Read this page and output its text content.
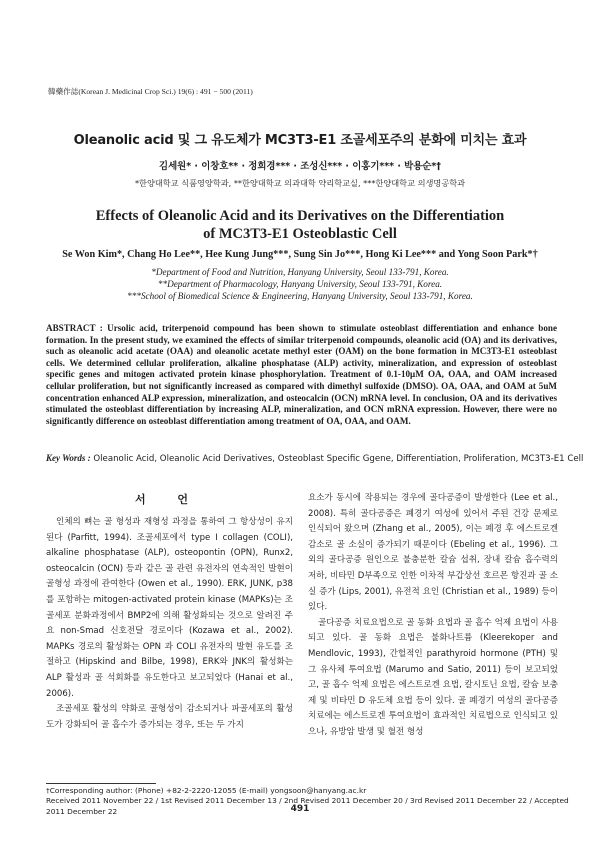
韓藥作誌(Korean J. Medicinal Crop Sci.) 19(6) : 491 − 500 (2011)
Oleanolic acid 및 그 유도체가 MC3T3-E1 조골세포주의 분화에 미치는 효과
김세원* · 이창호** · 정희경*** · 조성신*** · 이홍기*** · 박용순*†
*한양대학교 식품영양학과, **한양대학교 의과대학 약리학교실, ***한양대학교 의생명공학과
Effects of Oleanolic Acid and its Derivatives on the Differentiation
of MC3T3-E1 Osteoblastic Cell
Se Won Kim*, Chang Ho Lee**, Hee Kung Jung***, Sung Sin Jo***, Hong Ki Lee*** and Yong Soon Park*†
*Department of Food and Nutrition, Hanyang University, Seoul 133-791, Korea.
**Department of Pharmacology, Hanyang University, Seoul 133-791, Korea.
***School of Biomedical Science & Engineering, Hanyang University, Seoul 133-791, Korea.
ABSTRACT : Ursolic acid, triterpenoid compound has been shown to stimulate osteoblast differentiation and enhance bone formation. In the present study, we examined the effects of similar triterpenoid compounds, oleanolic acid (OA) and its derivatives, such as oleanolic acid acetate (OAA) and oleanolic acetate methyl ester (OAM) on the bone formation in MC3T3-E1 osteoblast cells. We determined cellular proliferation, alkaline phosphatase (ALP) activity, mineralization, and expression of osteoblast specific genes and mitogen activated protein kinase phosphorylation. Treatment of 0.1-10μM OA, OAA, and OAM increased cellular proliferation, but not significantly increased as compared with dimethyl sulfoxide (DMSO). OA, OAA, and OAM at 5uM concentration enhanced ALP expression, mineralization, and osteocalcin (OCN) mRNA level. In conclusion, OA and its derivatives stimulated the osteoblast differentiation by increasing ALP, mineralization, and OCN mRNA expression. However, there were no significantly difference on osteoblast differentiation among treatment of OA, OAA, and OAM.
Key Words : Oleanolic Acid, Oleanolic Acid Derivatives, Osteoblast Specific Ggene, Differentiation, Proliferation, MC3T3-E1 Cell
서 언

인체의 뼈는 골 형성과 재형성 과정을 통하여 그 항상성이 유지된다 (Parfitt, 1994). 조골세포에서 type I collagen (COLI), alkaline phosphatase (ALP), osteopontin (OPN), Runx2, osteocalcin (OCN) 등과 같은 골 관련 유전자의 연속적인 발현이 골형성 과정에 관여한다 (Owen et al., 1990). ERK, JUNK, p38를 포함하는 mitogen-activated protein kinase (MAPKs)는 조골세포 분화과정에서 BMP2에 의해 활성화되는 것으로 알려진 주요 non-Smad 신호전달 경로이다 (Kozawa et al., 2002). MAPKs 경로의 활성화는 OPN 과 COLI 유전자의 발현 유도를 조절하고 (Hipskind and Bilbe, 1998), ERK와 JNK의 활성화는 ALP 활성과 골 석회화를 유도한다고 보고되었다 (Hanai et al., 2006).

조골세포 활성의 약화로 골형성이 감소되거나 파골세포의 활성도가 강화되어 골 흡수가 증가되는 경우, 또는 두 가지

요소가 동시에 작용되는 경우에 골다공증이 발생한다 (Lee et al., 2008). 특히 골다공증은 폐경기 여성에 있어서 주된 건강 문제로 인식되어 왔으며 (Zhang et al., 2005), 이는 폐경 후 에스트로겐 감소로 골 소실이 증가되기 때문이다 (Ebeling et al., 1996). 그 외의 골다공증 원인으로 불충분한 칼슘 섭취, 장내 칼슘 흡수력의 저하, 비타민 D부족으로 인한 이차적 부갑상선 호르몬 항진과 골 소실 증가 (Lips, 2001), 유전적 요인 (Christian et al., 1989) 등이 있다.

골다공증 치료요법으로 골 동화 요법과 골 흡수 억제 요법이 사용되고 있다. 골 동화 요법은 불화나트륨 (Kleerekoper and Mendlovic, 1993), 간헐적인 parathyroid hormone (PTH) 및 그 유사체 투여요법 (Marumo and Satio, 2011) 등이 보고되었고, 골 흡수 억제 요법은 에스트로겐 요법, 칼시토닌 요법, 칼슘 보충제 및 비타민 D 유도체 요법 등이 있다. 골 폐경기 여성의 골다공증 치료에는 에스트로겐 투여요법이 효과적인 치료법으로 인식되고 있으나, 유방암 발생 및 혈전 형성

†Corresponding author: (Phone) +82-2-2220-12055 (E-mail) yongsoon@hanyang.ac.kr
Received 2011 November 22 / 1st Revised 2011 December 13 / 2nd Revised 2011 December 20 / 3rd Revised 2011 December 22 / Accepted
2011 December 22	491
